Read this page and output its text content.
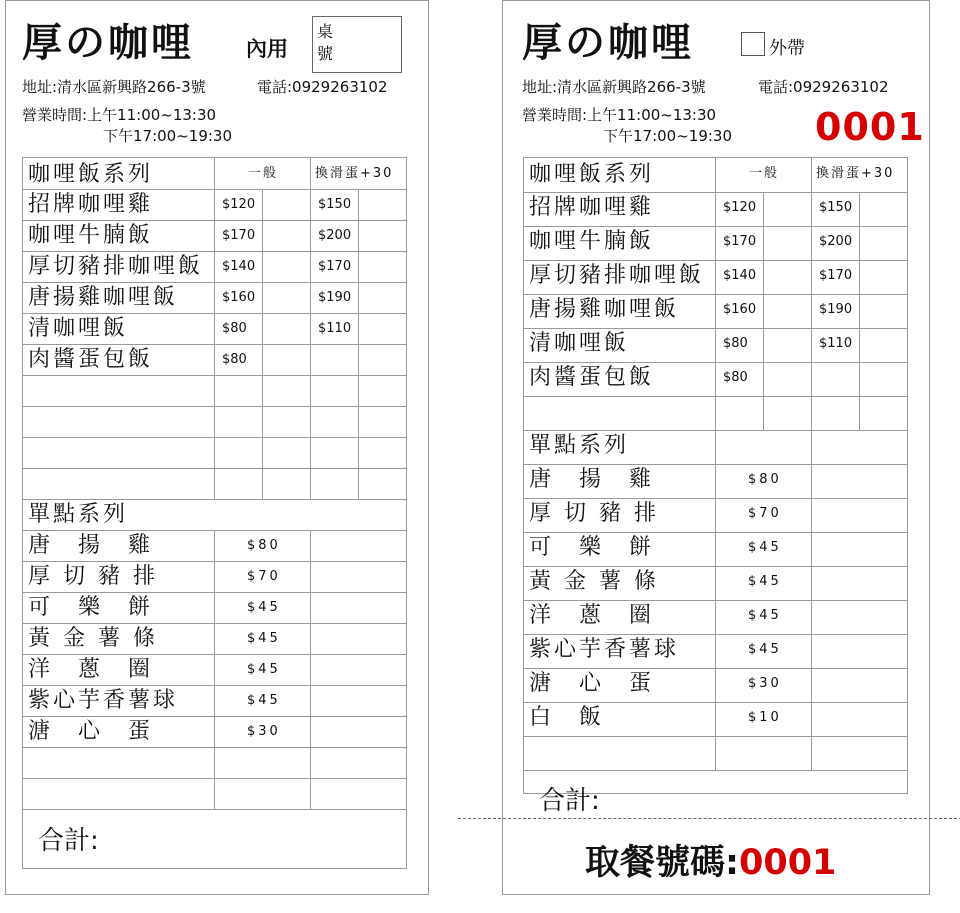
厚の咖哩 內用
桌
號
地址:清水區新興路266-3號	電話:0929263102
營業時間:上午11:00~13:30
下午17:00~19:30
咖哩飯系列	一般	換滑蛋+30
招牌咖哩雞	$120	$150
咖哩牛腩飯	$170	$200
厚切豬排咖哩飯 $140	$170
唐揚雞咖哩飯	$160	$190
清咖哩飯	$80	$110
肉醬蛋包飯	$80
單點系列
唐　揚　雞	$80
厚 切 豬 排	$70
可　樂　餅	$45
黃 金 薯 條	$45
洋　蔥　圈	$45
紫心芋香薯球	$45
溏　心　蛋	$30
合計:
厚の咖哩	外帶
地址:清水區新興路266-3號	電話:0929263102
營業時間:上午11:00~13:30
下午17:00~19:30 0001
咖哩飯系列	一般	換滑蛋+30
招牌咖哩雞	$120	$150
咖哩牛腩飯	$170	$200
厚切豬排咖哩飯 $140	$170
唐揚雞咖哩飯	$160	$190
清咖哩飯	$80	$110
肉醬蛋包飯	$80
單點系列
唐　揚　雞	$80
厚 切 豬 排	$70
可　樂　餅	$45
黃 金 薯 條	$45
洋　蔥　圈	$45
紫心芋香薯球	$45
溏　心　蛋	$30
白　飯	$10
合計:
取餐號碼:0001
